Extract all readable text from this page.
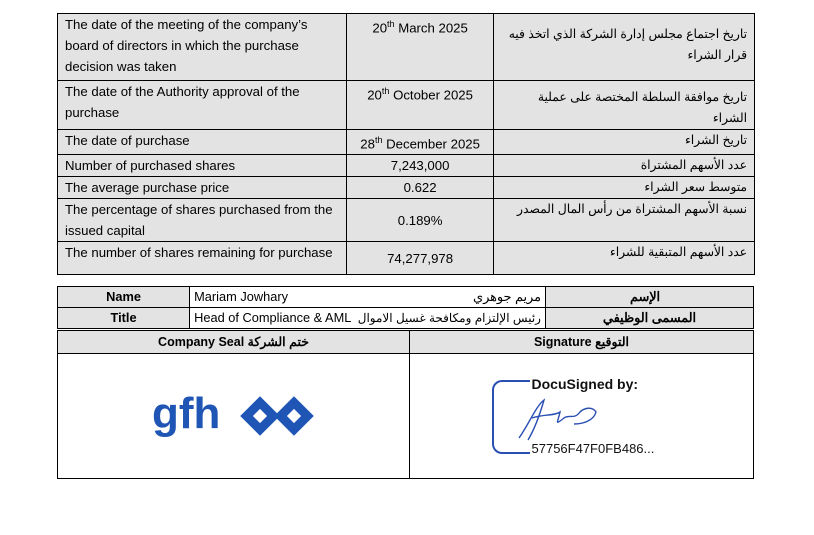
The date of the meeting of the company’s board of directors in which the purchase decision was taken	20th March 2025	تاريخ اجتماع مجلس إدارة الشركة الذي اتخذ فيه قرار الشراء
The date of the Authority approval of the purchase	20th October 2025	تاريخ موافقة السلطة المختصة على عملية الشراء
The date of purchase	28th December 2025	تاريخ الشراء
Number of purchased shares	7,243,000	عدد الأسهم المشتراة
The average purchase price	0.622	متوسط سعر الشراء
The percentage of shares purchased from the issued capital	0.189%	نسبة الأسهم المشتراة من رأس المال المصدر
The number of shares remaining for purchase	74,277,978	عدد الأسهم المتبقية للشراء
Name	Mariam Jowhary مريم جوهري	الإسم
Title	Head of Compliance & AML رئيس الإلتزام ومكافحة غسيل الاموال	المسمى الوظيفي
Company Seal ختم الشركة	Signature التوقيع

gfh	DocuSigned by:
57756F47F0FB486...
